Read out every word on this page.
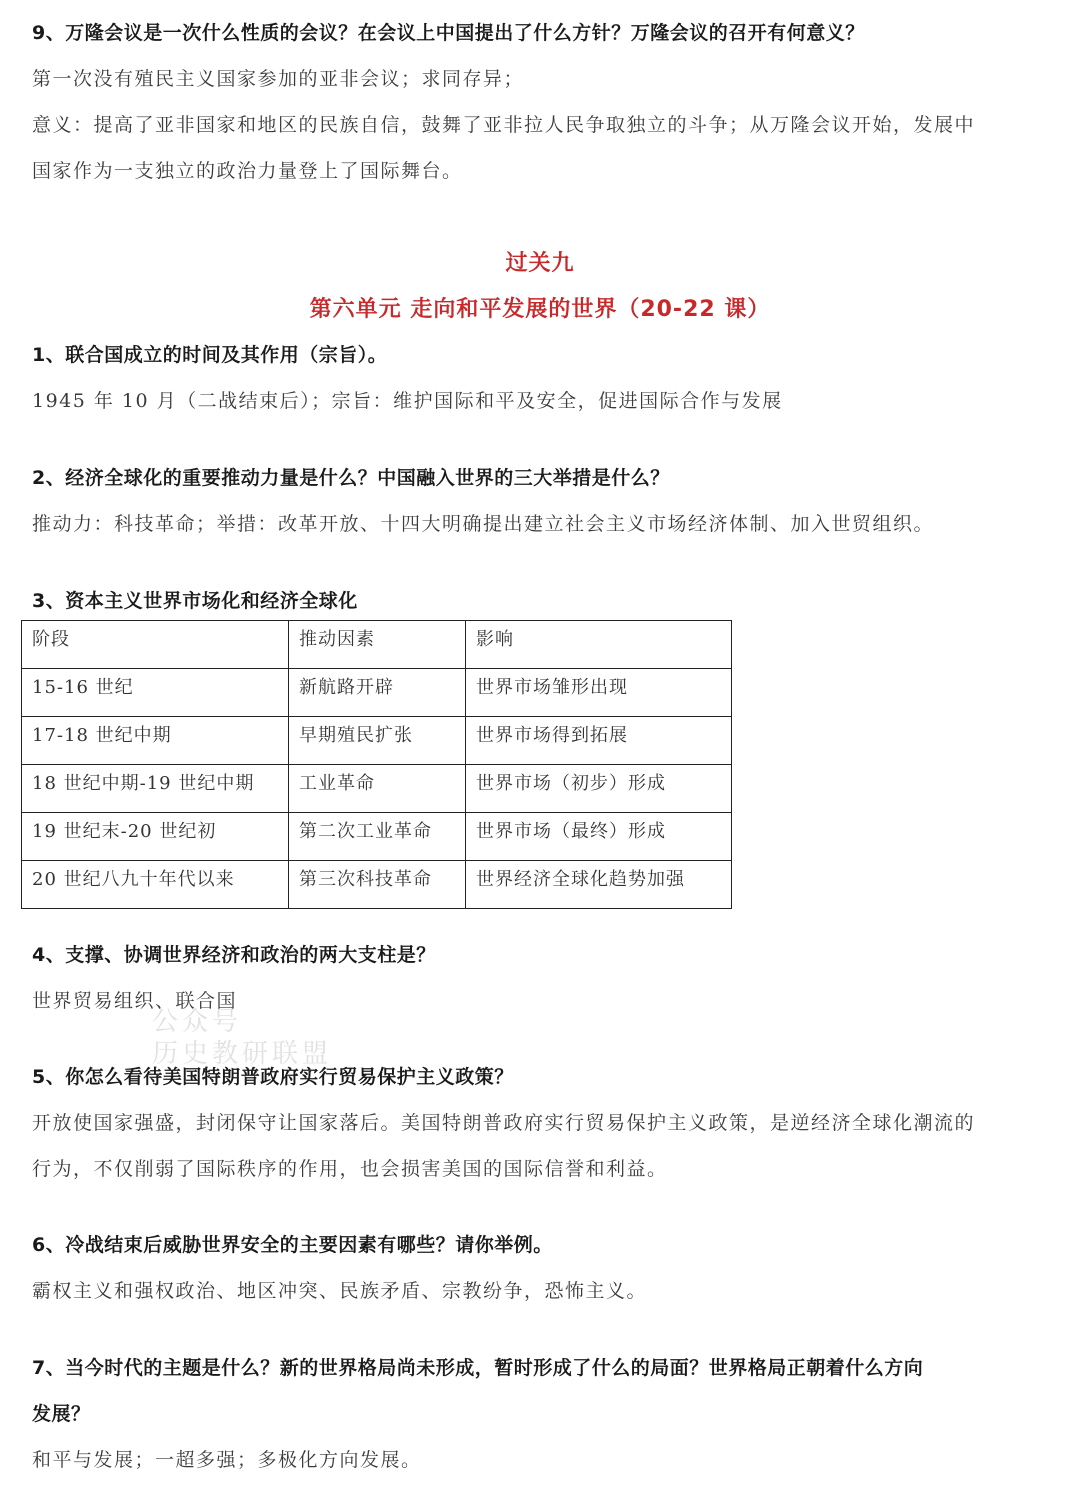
9、万隆会议是一次什么性质的会议？在会议上中国提出了什么方针？万隆会议的召开有何意义？
第一次没有殖民主义国家参加的亚非会议；求同存异；
意义：提高了亚非国家和地区的民族自信，鼓舞了亚非拉人民争取独立的斗争；从万隆会议开始，发展中
国家作为一支独立的政治力量登上了国际舞台。
过关九
第六单元 走向和平发展的世界（20-22 课）
1、联合国成立的时间及其作用（宗旨）。
1945 年 10 月（二战结束后）；宗旨：维护国际和平及安全，促进国际合作与发展
2、经济全球化的重要推动力量是什么？中国融入世界的三大举措是什么？
推动力：科技革命；举措：改革开放、十四大明确提出建立社会主义市场经济体制、加入世贸组织。
3、资本主义世界市场化和经济全球化
阶段	推动因素	影响
15-16 世纪	新航路开辟	世界市场雏形出现
17-18 世纪中期	早期殖民扩张	世界市场得到拓展
18 世纪中期-19 世纪中期	工业革命	世界市场（初步）形成
19 世纪末-20 世纪初	第二次工业革命	世界市场（最终）形成
20 世纪八九十年代以来	第三次科技革命	世界经济全球化趋势加强
4、支撑、协调世界经济和政治的两大支柱是？
世界贸易组织、联合国
公众号
历史教研联盟
5、你怎么看待美国特朗普政府实行贸易保护主义政策？
开放使国家强盛，封闭保守让国家落后。美国特朗普政府实行贸易保护主义政策，是逆经济全球化潮流的
行为，不仅削弱了国际秩序的作用，也会损害美国的国际信誉和利益。
6、冷战结束后威胁世界安全的主要因素有哪些？请你举例。
霸权主义和强权政治、地区冲突、民族矛盾、宗教纷争，恐怖主义。
7、当今时代的主题是什么？新的世界格局尚未形成，暂时形成了什么的局面？世界格局正朝着什么方向
发展？
和平与发展；一超多强；多极化方向发展。
